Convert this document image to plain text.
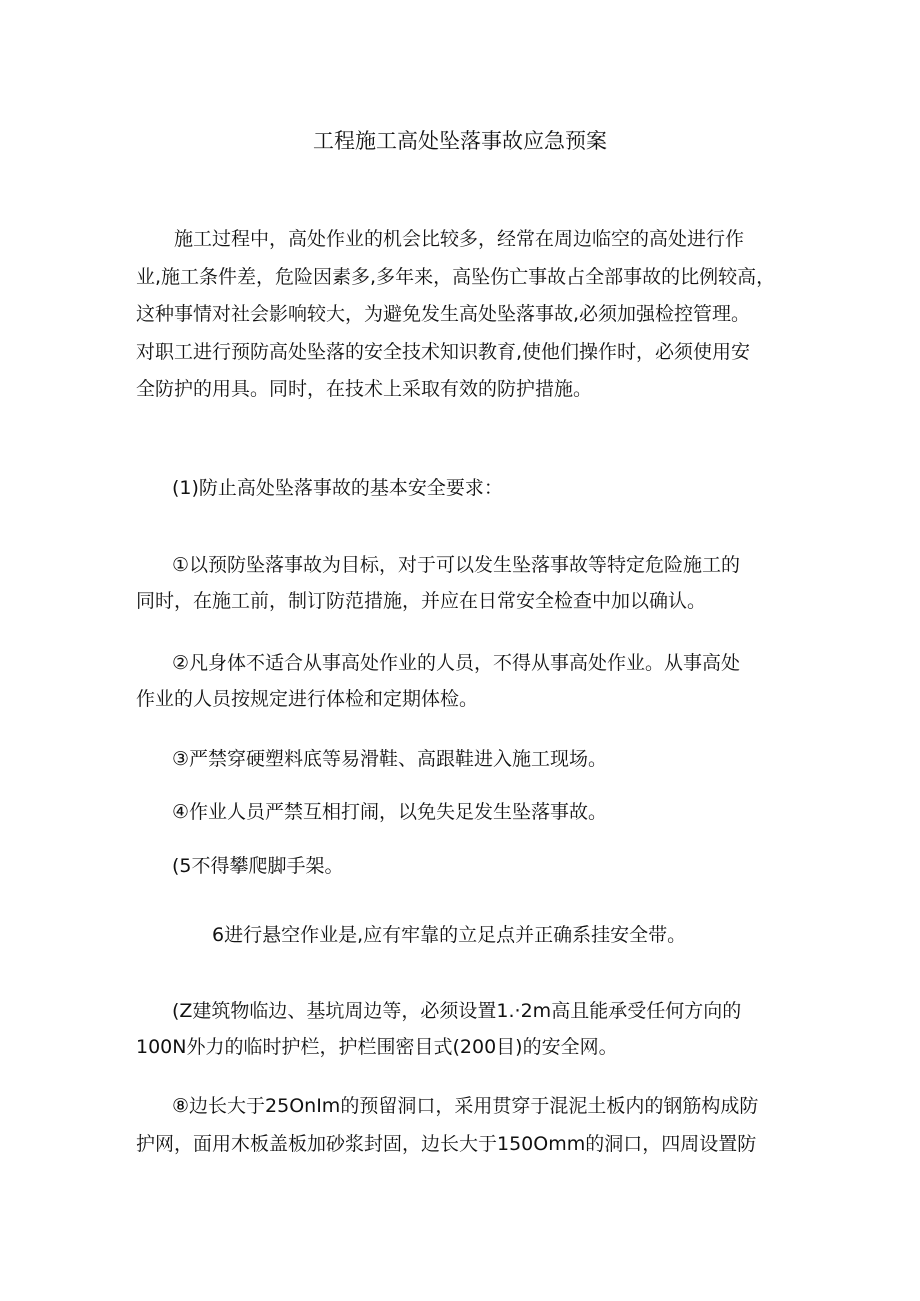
工程施工高处坠落事故应急预案

施工过程中，高处作业的机会比较多，经常在周边临空的高处进行作
业,施工条件差，危险因素多,多年来，高坠伤亡事故占全部事故的比例较高，
这种事情对社会影响较大，为避免发生高处坠落事故,必须加强检控管理。
对职工进行预防高处坠落的安全技术知识教育,使他们操作时，必须使用安
全防护的用具。同时，在技术上采取有效的防护措施。

(1)防止高处坠落事故的基本安全要求：

①以预防坠落事故为目标，对于可以发生坠落事故等特定危险施工的
同时，在施工前，制订防范措施，并应在日常安全检查中加以确认。

②凡身体不适合从事高处作业的人员，不得从事高处作业。从事高处
作业的人员按规定进行体检和定期体检。

③严禁穿硬塑料底等易滑鞋、高跟鞋进入施工现场。

④作业人员严禁互相打闹，以免失足发生坠落事故。

(5不得攀爬脚手架。

6进行悬空作业是,应有牢靠的立足点并正确系挂安全带。

(Z建筑物临边、基坑周边等，必须设置1.·2m高且能承受任何方向的
100N外力的临时护栏，护栏围密目式(200目)的安全网。

⑧边长大于25OnIm的预留洞口，采用贯穿于混泥土板内的钢筋构成防
护网，面用木板盖板加砂浆封固，边长大于150Omm的洞口，四周设置防
